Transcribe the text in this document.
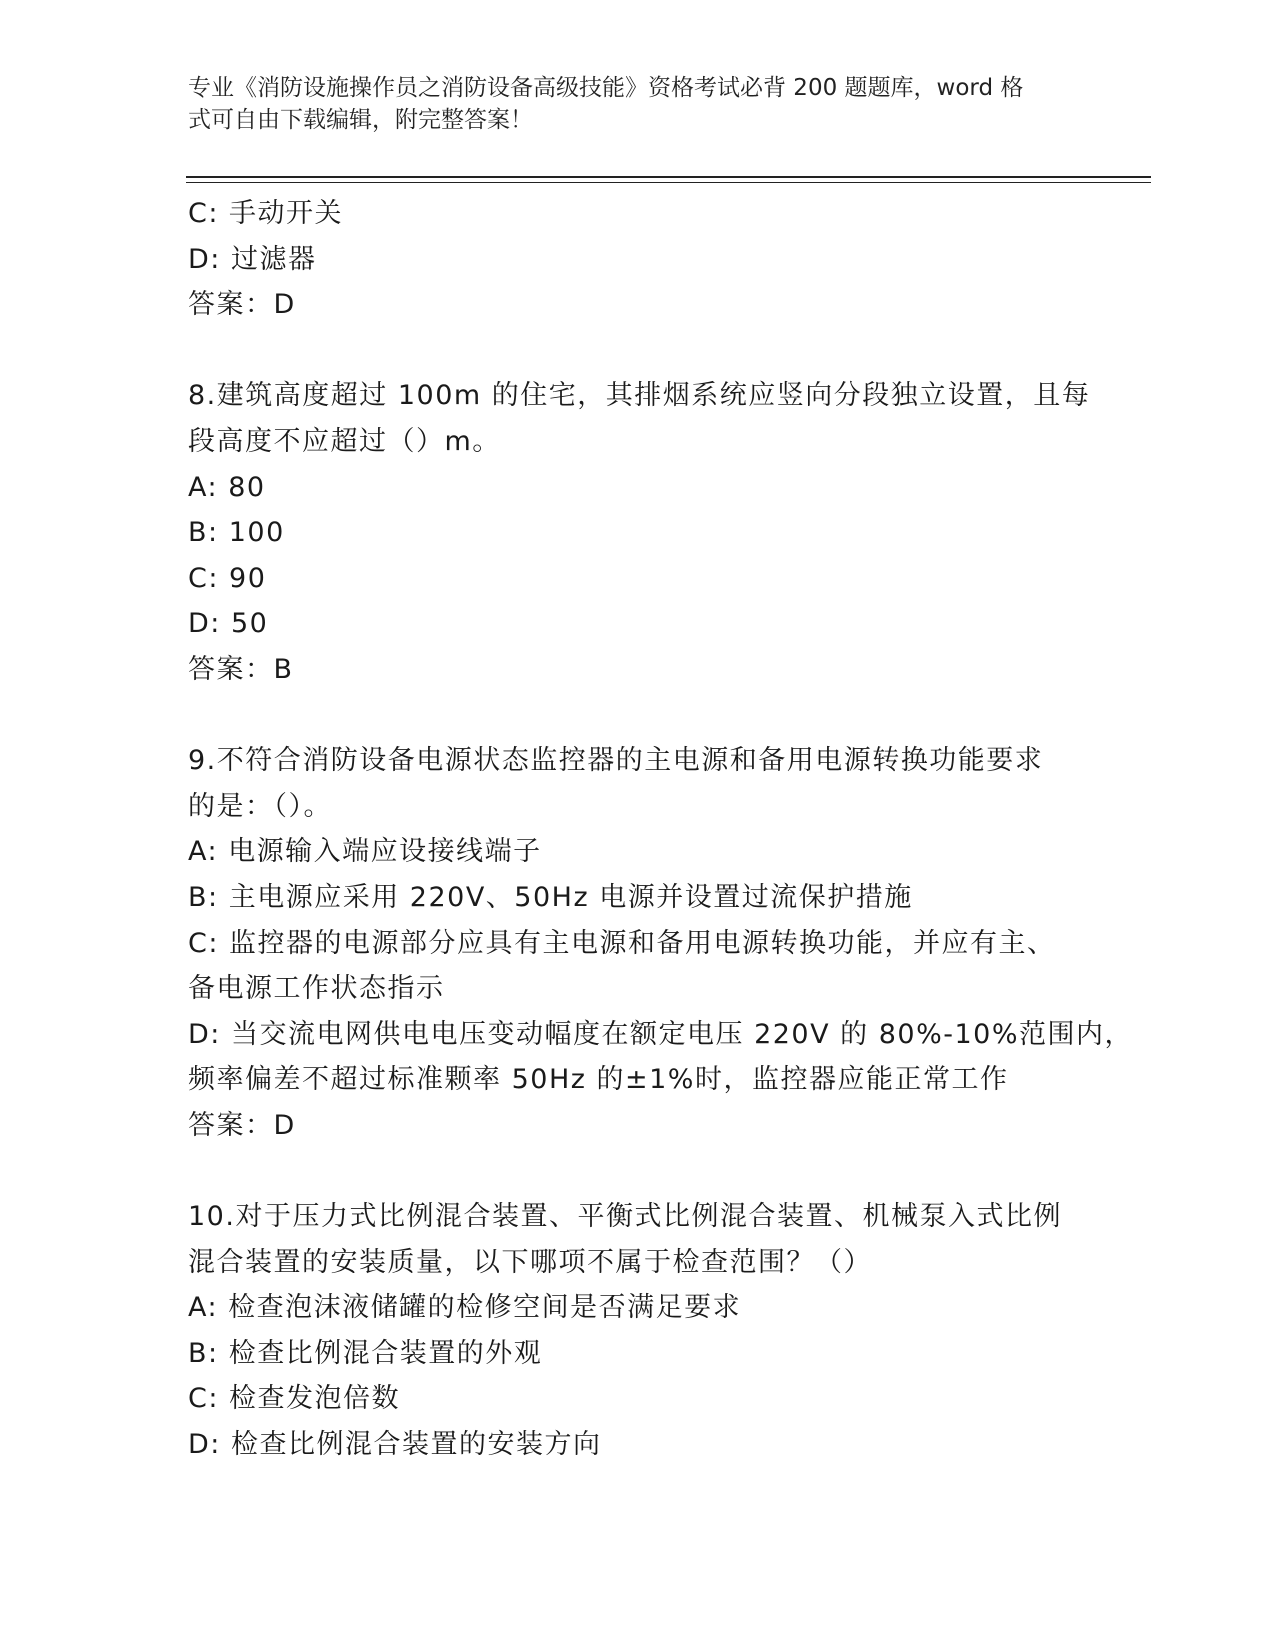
专业《消防设施操作员之消防设备高级技能》资格考试必背 200 题题库，word 格
式可自由下载编辑，附完整答案！
C: 手动开关
D: 过滤器
答案：D
8.建筑高度超过 100m 的住宅，其排烟系统应竖向分段独立设置，且每
段高度不应超过（）m。
A: 80
B: 100
C: 90
D: 50
答案：B
9.不符合消防设备电源状态监控器的主电源和备用电源转换功能要求
的是：（）。
A: 电源输入端应设接线端子
B: 主电源应采用 220V、50Hz 电源并设置过流保护措施
C: 监控器的电源部分应具有主电源和备用电源转换功能，并应有主、
备电源工作状态指示
D: 当交流电网供电电压变动幅度在额定电压 220V 的 80%-10%范围内，
频率偏差不超过标准颗率 50Hz 的±1%时，监控器应能正常工作
答案：D
10.对于压力式比例混合装置、平衡式比例混合装置、机械泵入式比例
混合装置的安装质量，以下哪项不属于检查范围？（）
A: 检查泡沫液储罐的检修空间是否满足要求
B: 检查比例混合装置的外观
C: 检查发泡倍数
D: 检查比例混合装置的安装方向
